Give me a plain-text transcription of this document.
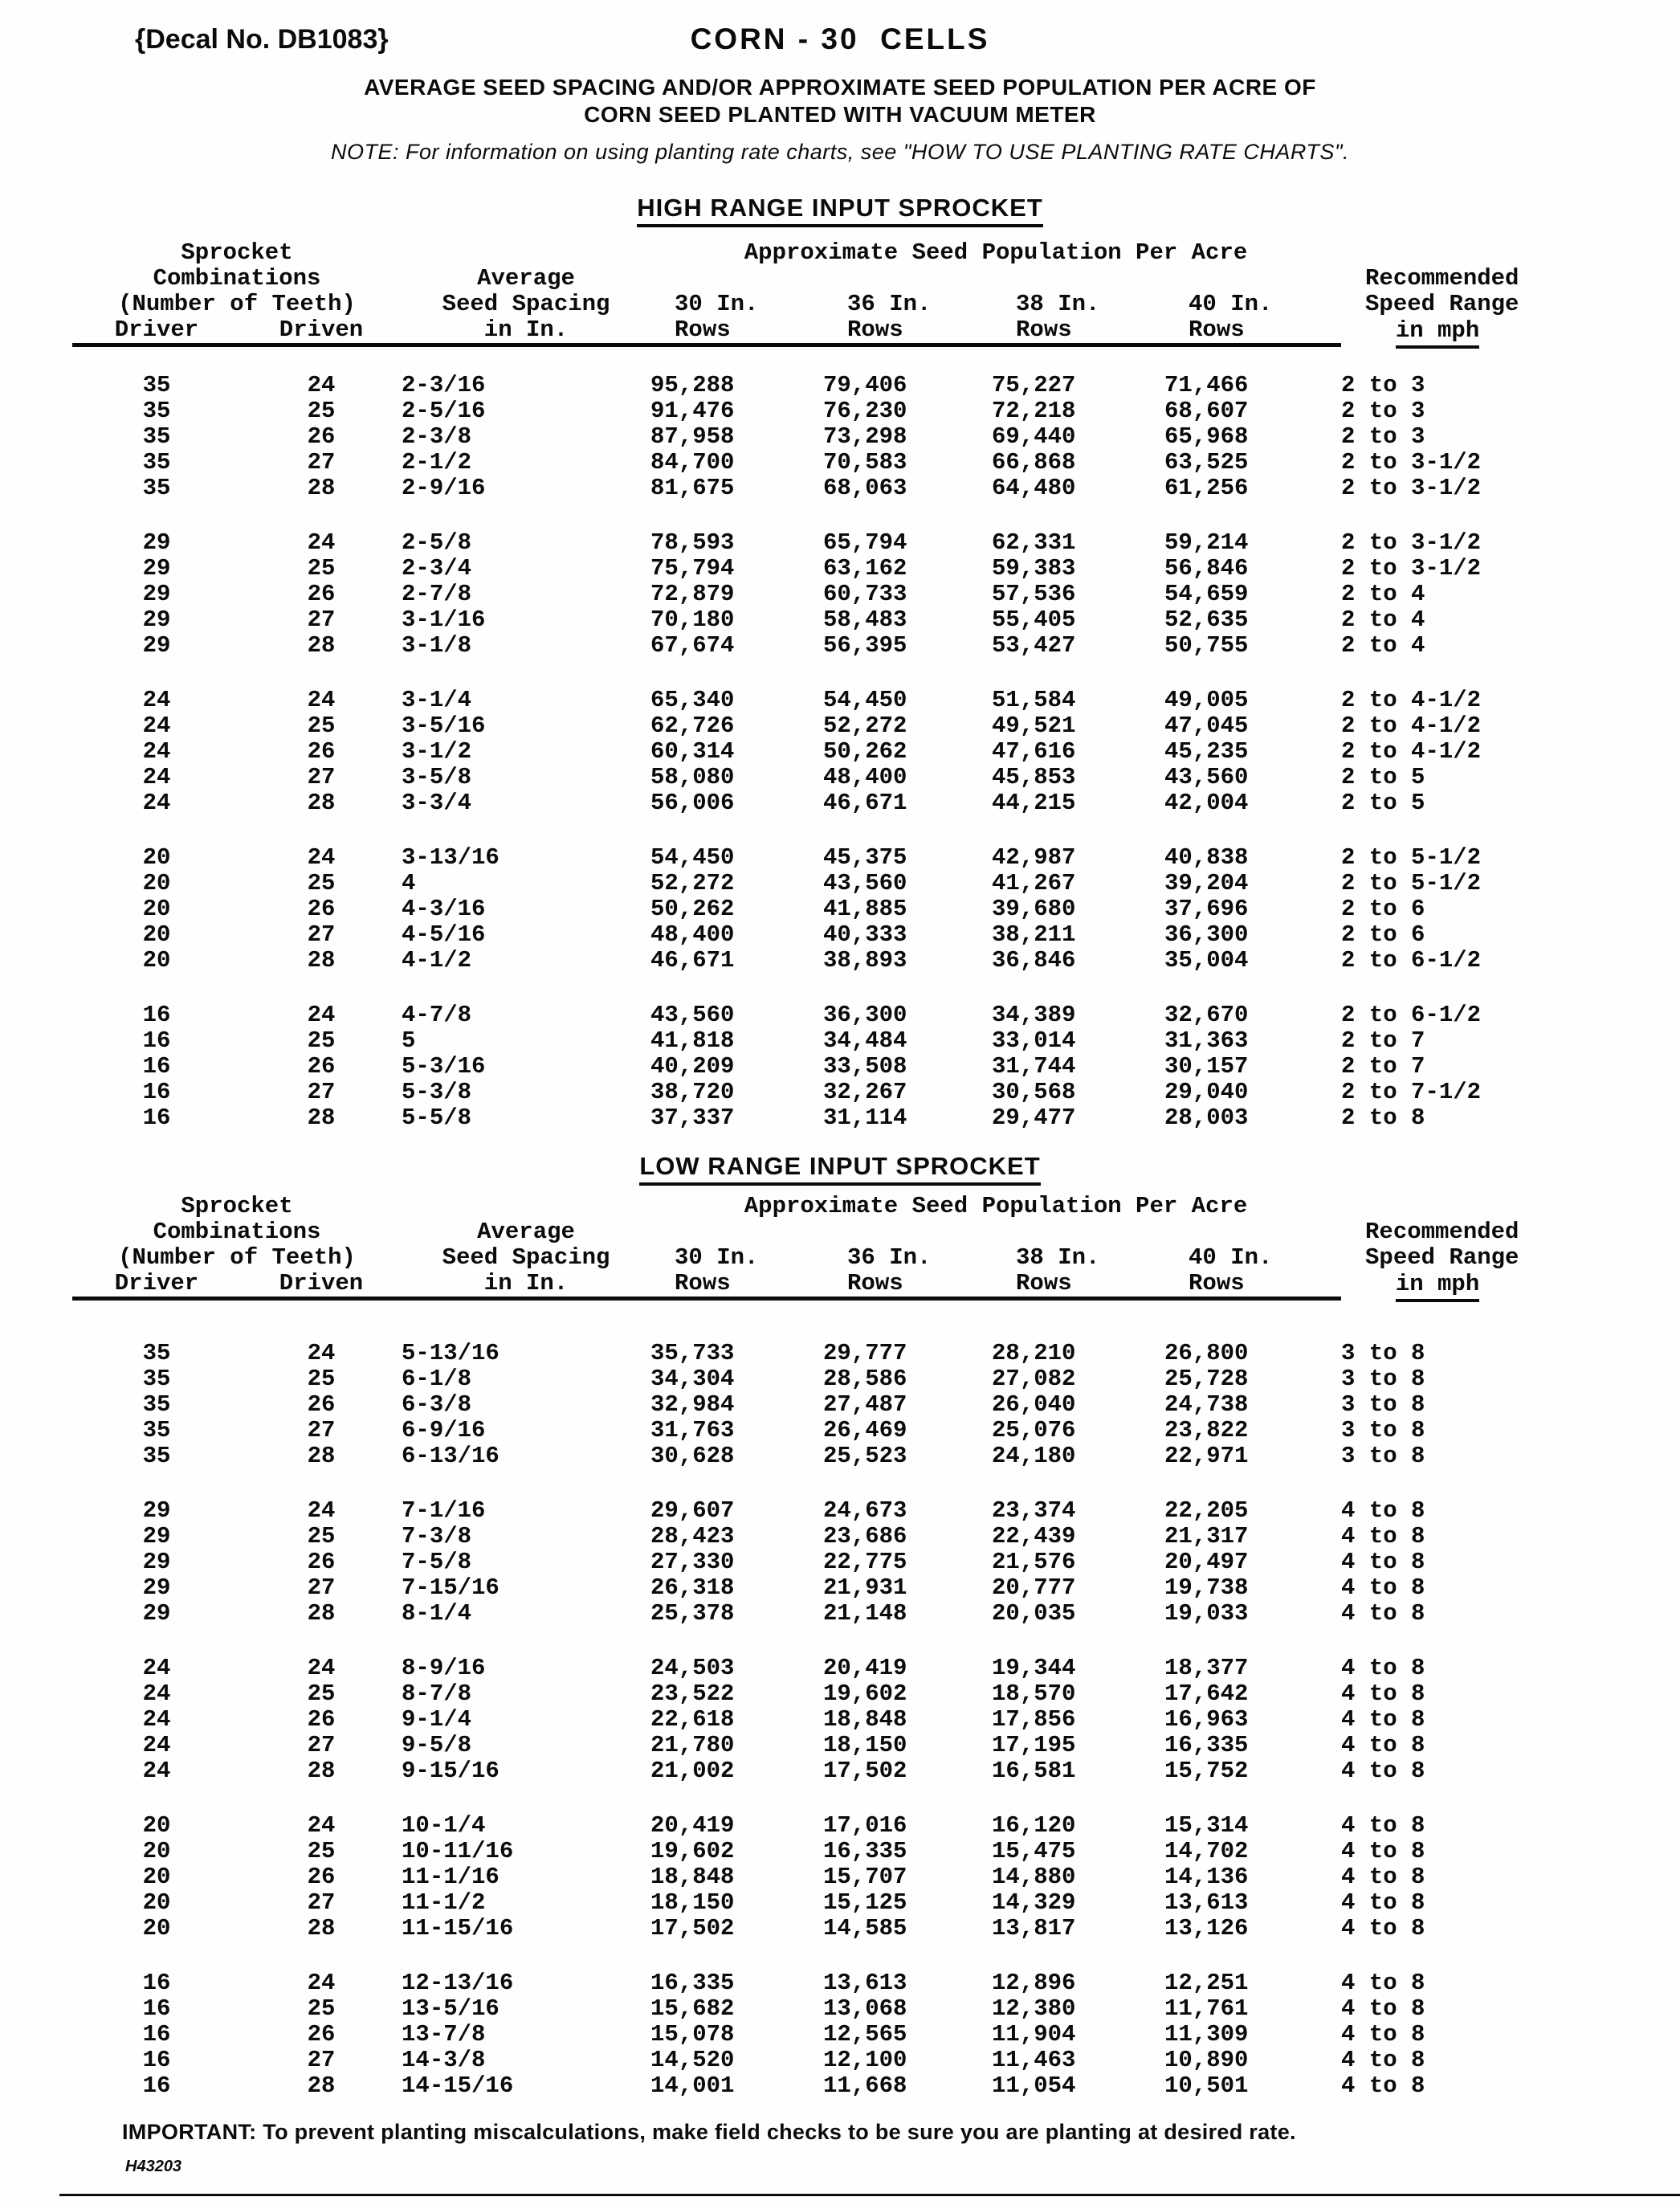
{Decal No. DB1083}	CORN - 30  CELLS
AVERAGE SEED SPACING AND/OR APPROXIMATE SEED POPULATION PER ACRE OF
CORN SEED PLANTED WITH VACUUM METER
NOTE: For information on using planting rate charts, see "HOW TO USE PLANTING RATE CHARTS".
HIGH RANGE INPUT SPROCKET
Sprocket			Approximate Seed Population Per Acre				
Combinations		Average					Recommended
(Number of Teeth)		Seed Spacing	30 In.	36 In.	38 In.	40 In.	Speed Range
Driver	Driven	in In.	Rows	Rows	Rows	Rows	in mph

35	24	2-3/16	95,288	79,406	75,227	71,466	2 to 3
35	25	2-5/16	91,476	76,230	72,218	68,607	2 to 3
35	26	2-3/8	87,958	73,298	69,440	65,968	2 to 3
35	27	2-1/2	84,700	70,583	66,868	63,525	2 to 3-1/2
35	28	2-9/16	81,675	68,063	64,480	61,256	2 to 3-1/2

29	24	2-5/8	78,593	65,794	62,331	59,214	2 to 3-1/2
29	25	2-3/4	75,794	63,162	59,383	56,846	2 to 3-1/2
29	26	2-7/8	72,879	60,733	57,536	54,659	2 to 4
29	27	3-1/16	70,180	58,483	55,405	52,635	2 to 4
29	28	3-1/8	67,674	56,395	53,427	50,755	2 to 4

24	24	3-1/4	65,340	54,450	51,584	49,005	2 to 4-1/2
24	25	3-5/16	62,726	52,272	49,521	47,045	2 to 4-1/2
24	26	3-1/2	60,314	50,262	47,616	45,235	2 to 4-1/2
24	27	3-5/8	58,080	48,400	45,853	43,560	2 to 5
24	28	3-3/4	56,006	46,671	44,215	42,004	2 to 5

20	24	3-13/16	54,450	45,375	42,987	40,838	2 to 5-1/2
20	25	4	52,272	43,560	41,267	39,204	2 to 5-1/2
20	26	4-3/16	50,262	41,885	39,680	37,696	2 to 6
20	27	4-5/16	48,400	40,333	38,211	36,300	2 to 6
20	28	4-1/2	46,671	38,893	36,846	35,004	2 to 6-1/2

16	24	4-7/8	43,560	36,300	34,389	32,670	2 to 6-1/2
16	25	5	41,818	34,484	33,014	31,363	2 to 7
16	26	5-3/16	40,209	33,508	31,744	30,157	2 to 7
16	27	5-3/8	38,720	32,267	30,568	29,040	2 to 7-1/2
16	28	5-5/8	37,337	31,114	29,477	28,003	2 to 8
LOW RANGE INPUT SPROCKET
Sprocket			Approximate Seed Population Per Acre				
Combinations		Average					Recommended
(Number of Teeth)		Seed Spacing	30 In.	36 In.	38 In.	40 In.	Speed Range
Driver	Driven	in In.	Rows	Rows	Rows	Rows	in mph

35	24	5-13/16	35,733	29,777	28,210	26,800	3 to 8
35	25	6-1/8	34,304	28,586	27,082	25,728	3 to 8
35	26	6-3/8	32,984	27,487	26,040	24,738	3 to 8
35	27	6-9/16	31,763	26,469	25,076	23,822	3 to 8
35	28	6-13/16	30,628	25,523	24,180	22,971	3 to 8

29	24	7-1/16	29,607	24,673	23,374	22,205	4 to 8
29	25	7-3/8	28,423	23,686	22,439	21,317	4 to 8
29	26	7-5/8	27,330	22,775	21,576	20,497	4 to 8
29	27	7-15/16	26,318	21,931	20,777	19,738	4 to 8
29	28	8-1/4	25,378	21,148	20,035	19,033	4 to 8

24	24	8-9/16	24,503	20,419	19,344	18,377	4 to 8
24	25	8-7/8	23,522	19,602	18,570	17,642	4 to 8
24	26	9-1/4	22,618	18,848	17,856	16,963	4 to 8
24	27	9-5/8	21,780	18,150	17,195	16,335	4 to 8
24	28	9-15/16	21,002	17,502	16,581	15,752	4 to 8

20	24	10-1/4	20,419	17,016	16,120	15,314	4 to 8
20	25	10-11/16	19,602	16,335	15,475	14,702	4 to 8
20	26	11-1/16	18,848	15,707	14,880	14,136	4 to 8
20	27	11-1/2	18,150	15,125	14,329	13,613	4 to 8
20	28	11-15/16	17,502	14,585	13,817	13,126	4 to 8

16	24	12-13/16	16,335	13,613	12,896	12,251	4 to 8
16	25	13-5/16	15,682	13,068	12,380	11,761	4 to 8
16	26	13-7/8	15,078	12,565	11,904	11,309	4 to 8
16	27	14-3/8	14,520	12,100	11,463	10,890	4 to 8
16	28	14-15/16	14,001	11,668	11,054	10,501	4 to 8
IMPORTANT: To prevent planting miscalculations, make field checks to be sure you are planting at desired rate.
H43203
